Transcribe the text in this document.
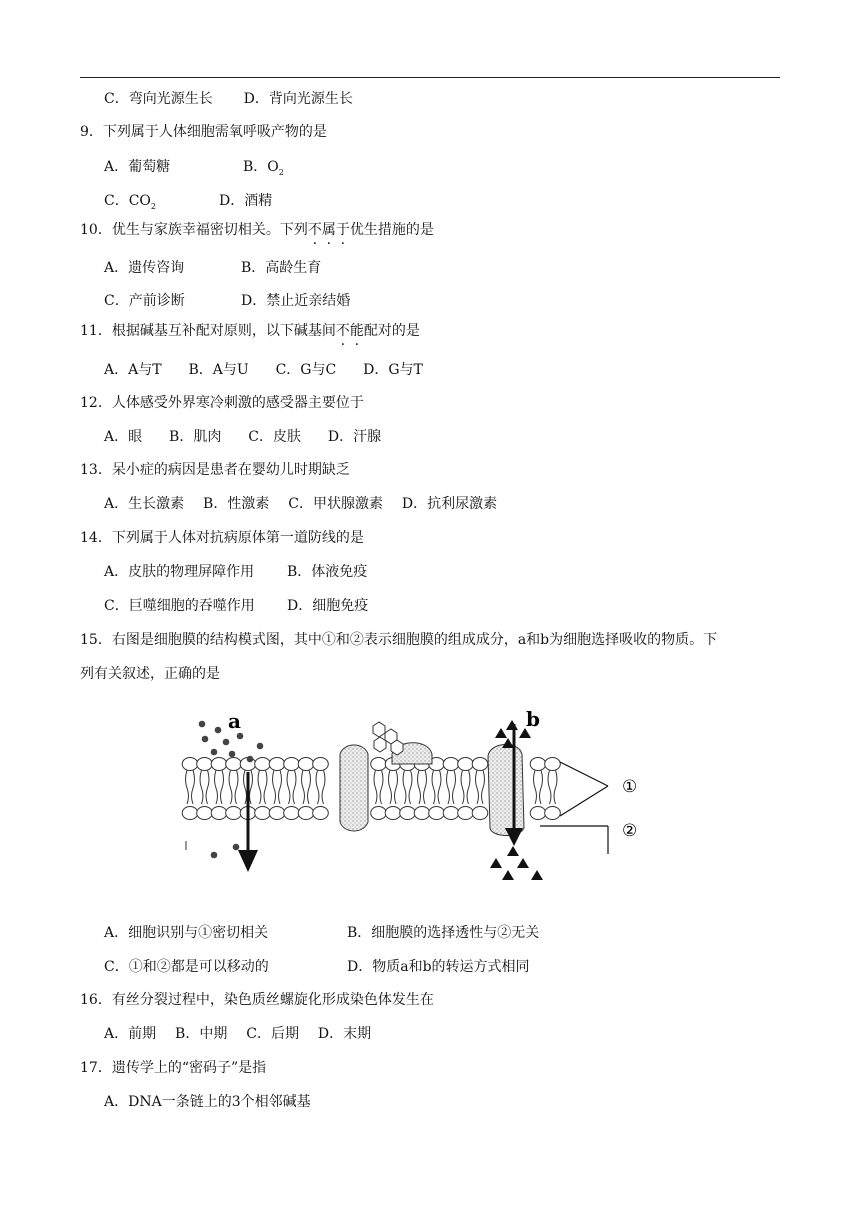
C．弯向光源生长 D．背向光源生长
9．下列属于人体细胞需氧呼吸产物的是
A．葡萄糖	B．$O_2$
C．$CO_2$	D．酒精
10．优生与家族幸福密切相关。下列不属于优生措施的是
A．遗传咨询	B．高龄生育
C．产前诊断	D．禁止近亲结婚
11．根据碱基互补配对原则，以下碱基间不能配对的是
A．A与T B．A与U C．G与C D．G与T
12．人体感受外界寒冷刺激的感受器主要位于
A．眼 B．肌肉 C．皮肤 D．汗腺
13．呆小症的病因是患者在婴幼儿时期缺乏
A．生长激素 B．性激素 C．甲状腺激素 D．抗利尿激素
14．下列属于人体对抗病原体第一道防线的是
A．皮肤的物理屏障作用 B．体液免疫
C．巨噬细胞的吞噬作用 D．细胞免疫
15．右图是细胞膜的结构模式图，其中①和②表示细胞膜的组成成分，a和b为细胞选择吸收的物质。下
列有关叙述，正确的是
a	b
①
②
A．细胞识别与①密切相关	B．细胞膜的选择透性与②无关
C．①和②都是可以移动的	D．物质a和b的转运方式相同
16．有丝分裂过程中，染色质丝螺旋化形成染色体发生在
A．前期 B．中期 C．后期 D．末期
17．遗传学上的“密码子”是指
A．DNA一条链上的3个相邻碱基
